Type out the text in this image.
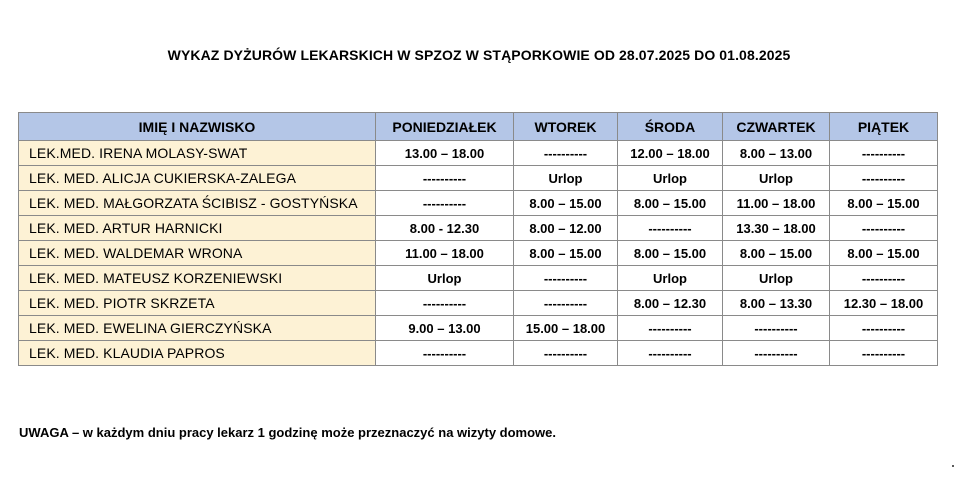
WYKAZ DYŻURÓW LEKARSKICH W SPZOZ W STĄPORKOWIE OD 28.07.2025 DO 01.08.2025
IMIĘ I NAZWISKO	PONIEDZIAŁEK	WTOREK	ŚRODA	CZWARTEK	PIĄTEK
LEK.MED. IRENA MOLASY-SWAT	13.00 – 18.00	----------	12.00 – 18.00	8.00 – 13.00	----------
LEK. MED. ALICJA CUKIERSKA-ZALEGA	----------	Urlop	Urlop	Urlop	----------
LEK. MED. MAŁGORZATA ŚCIBISZ - GOSTYŃSKA	----------	8.00 – 15.00	8.00 – 15.00	11.00 – 18.00	8.00 – 15.00
LEK. MED. ARTUR HARNICKI	8.00 - 12.30	8.00 – 12.00	----------	13.30 – 18.00	----------
LEK. MED. WALDEMAR WRONA	11.00 – 18.00	8.00 – 15.00	8.00 – 15.00	8.00 – 15.00	8.00 – 15.00
LEK. MED. MATEUSZ KORZENIEWSKI	Urlop	----------	Urlop	Urlop	----------
LEK. MED. PIOTR SKRZETA	----------	----------	8.00 – 12.30	8.00 – 13.30	12.30 – 18.00
LEK. MED. EWELINA GIERCZYŃSKA	9.00 – 13.00	15.00 – 18.00	----------	----------	----------
LEK. MED. KLAUDIA PAPROS	----------	----------	----------	----------	----------
UWAGA – w każdym dniu pracy lekarz 1 godzinę może przeznaczyć na wizyty domowe.
